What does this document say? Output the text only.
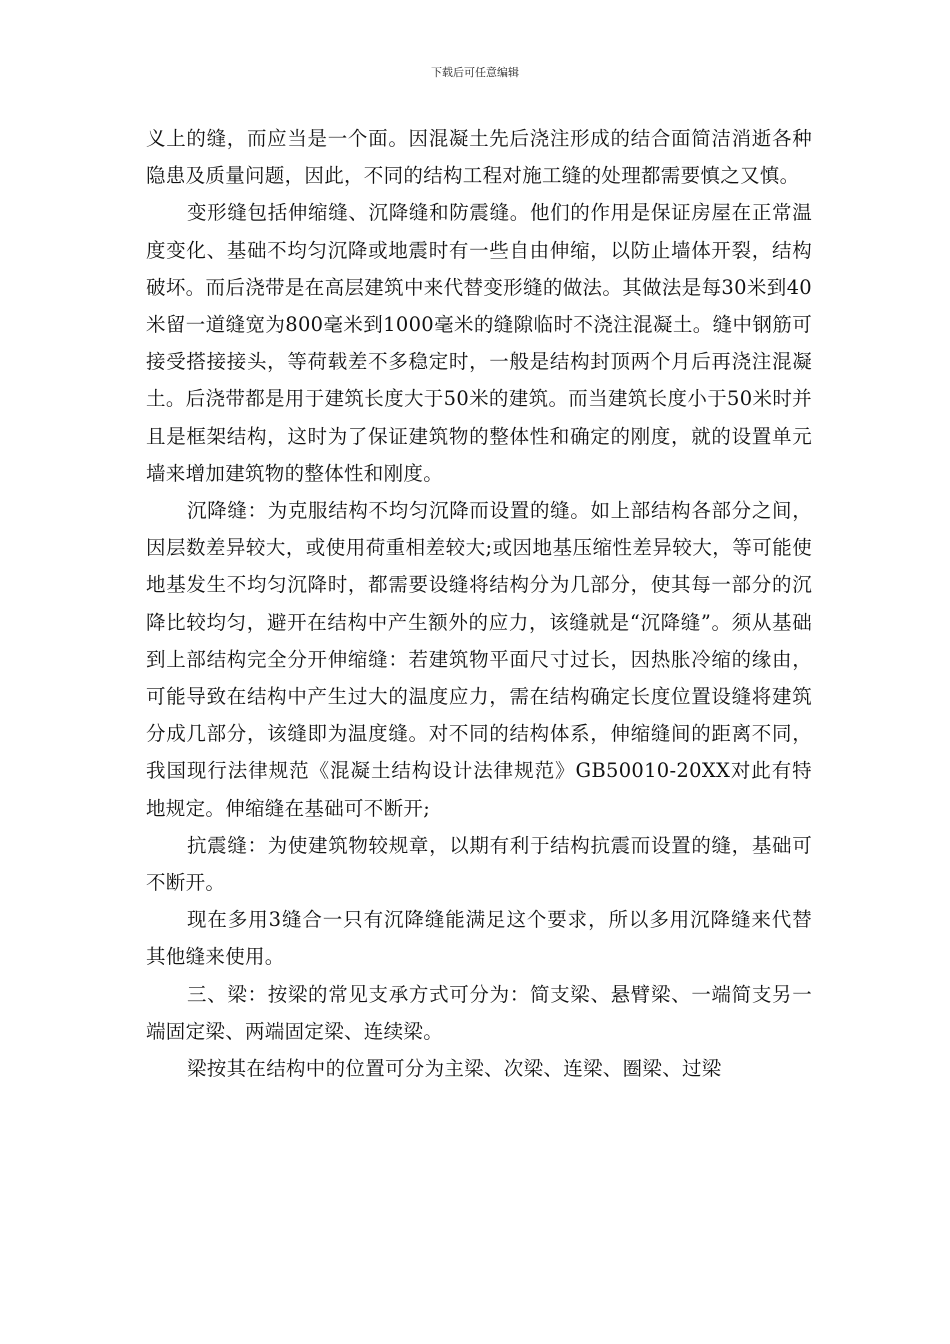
下载后可任意编辑

义上的缝，而应当是一个面。因混凝土先后浇注形成的结合面简洁消逝各种隐患及质量问题，因此，不同的结构工程对施工缝的处理都需要慎之又慎。

变形缝包括伸缩缝、沉降缝和防震缝。他们的作用是保证房屋在正常温度变化、基础不均匀沉降或地震时有一些自由伸缩，以防止墙体开裂，结构破坏。而后浇带是在高层建筑中来代替变形缝的做法。其做法是每30米到40米留一道缝宽为800毫米到1000毫米的缝隙临时不浇注混凝土。缝中钢筋可接受搭接接头，等荷载差不多稳定时，一般是结构封顶两个月后再浇注混凝土。后浇带都是用于建筑长度大于50米的建筑。而当建筑长度小于50米时并且是框架结构，这时为了保证建筑物的整体性和确定的刚度，就的设置单元墙来增加建筑物的整体性和刚度。

沉降缝：为克服结构不均匀沉降而设置的缝。如上部结构各部分之间，因层数差异较大，或使用荷重相差较大;或因地基压缩性差异较大，等可能使地基发生不均匀沉降时，都需要设缝将结构分为几部分，使其每一部分的沉降比较均匀，避开在结构中产生额外的应力，该缝就是“沉降缝”。须从基础到上部结构完全分开伸缩缝：若建筑物平面尺寸过长，因热胀冷缩的缘由，可能导致在结构中产生过大的温度应力，需在结构确定长度位置设缝将建筑分成几部分，该缝即为温度缝。对不同的结构体系，伸缩缝间的距离不同，我国现行法律规范《混凝土结构设计法律规范》GB50010-20XX对此有特地规定。伸缩缝在基础可不断开;

抗震缝：为使建筑物较规章，以期有利于结构抗震而设置的缝，基础可不断开。

现在多用3缝合一只有沉降缝能满足这个要求，所以多用沉降缝来代替其他缝来使用。

三、梁：按梁的常见支承方式可分为：简支梁、悬臂梁、一端简支另一端固定梁、两端固定梁、连续梁。

梁按其在结构中的位置可分为主梁、次梁、连梁、圈梁、过梁
